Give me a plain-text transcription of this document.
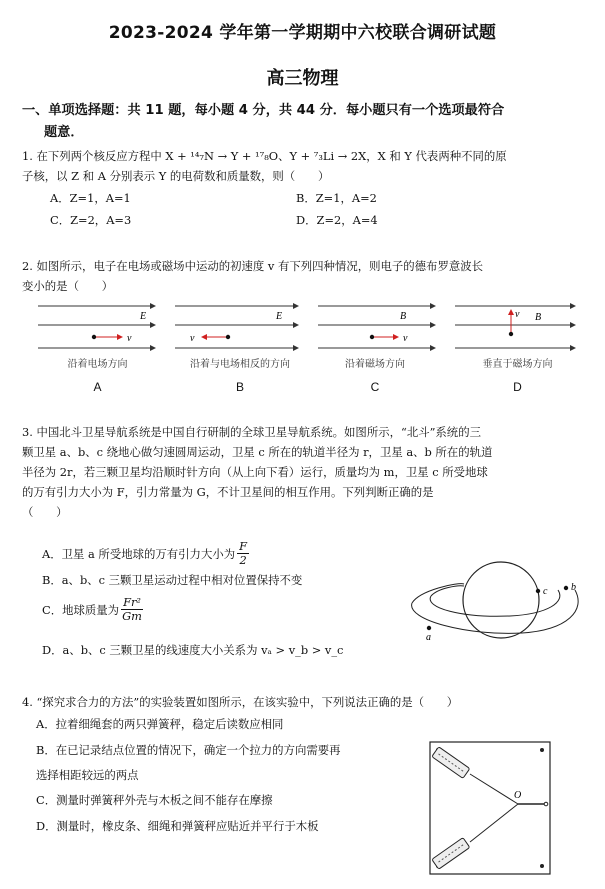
2023-2024 学年第一学期期中六校联合调研试题
高三物理
一、单项选择题：共 11 题，每小题 4 分，共 44 分．每小题只有一个选项最符合
题意．
1. 在下列两个核反应方程中 X + ¹⁴₇N → Y + ¹⁷₈O、Y + ⁷₃Li → 2X，X 和 Y 代表两种不同的原
子核，以 Z 和 A 分别表示 Y 的电荷数和质量数，则（　　）
A．Z=1，A=1	B．Z=1，A=2
C．Z=2，A=3	D．Z=2，A=4
2. 如图所示，电子在电场或磁场中运动的初速度 v 有下列四种情况，则电子的德布罗意波长
变小的是（　　）
E
v
E
v
B
v
B
v
沿着电场方向	沿着与电场相反的方向	沿着磁场方向	垂直于磁场方向
A	B	C	D
3. 中国北斗卫星导航系统是中国自行研制的全球卫星导航系统。如图所示，“北斗”系统的三
颗卫星 a、b、c 绕地心做匀速圆周运动，卫星 c 所在的轨道半径为 r，卫星 a、b 所在的轨道
半径为 2r，若三颗卫星均沿顺时针方向（从上向下看）运行，质量均为 m，卫星 c 所受地球
的万有引力大小为 F，引力常量为 G，不计卫星间的相互作用。下列判断正确的是
（　　）
A．卫星 a 所受地球的万有引力大小为 $\frac{F}{2}$
B．a、b、c 三颗卫星运动过程中相对位置保持不变
C．地球质量为 $\frac{\text{Fr²}}{Gm}$
D．a、b、c 三颗卫星的线速度大小关系为 vₐ > v_b > v_c
a
b
c
4. “探究求合力的方法”的实验装置如图所示，在该实验中，下列说法正确的是（　　）
A．拉着细绳套的两只弹簧秤，稳定后读数应相同
B．在已记录结点位置的情况下，确定一个拉力的方向需要再
选择相距较远的两点
C．测量时弹簧秤外壳与木板之间不能存在摩擦
D．测量时，橡皮条、细绳和弹簧秤应贴近并平行于木板
O
